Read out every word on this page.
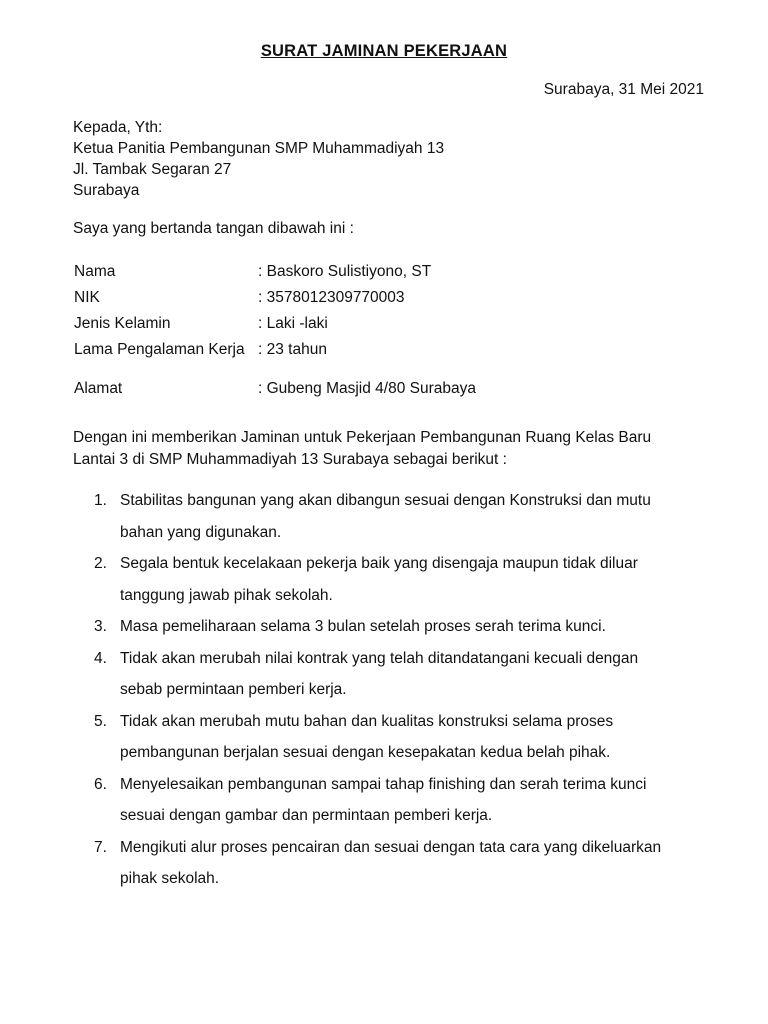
SURAT JAMINAN PEKERJAAN
Surabaya, 31 Mei 2021
Kepada, Yth:
Ketua Panitia Pembangunan SMP Muhammadiyah 13
Jl. Tambak Segaran 27
Surabaya
Saya yang bertanda tangan dibawah ini :
Nama	: Baskoro Sulistiyono, ST
NIK	: 3578012309770003
Jenis Kelamin	: Laki -laki
Lama Pengalaman Kerja : 23 tahun
Alamat	: Gubeng Masjid 4/80 Surabaya
Dengan ini memberikan Jaminan untuk Pekerjaan Pembangunan Ruang Kelas Baru
Lantai 3 di SMP Muhammadiyah 13 Surabaya sebagai berikut :
1. Stabilitas bangunan yang akan dibangun sesuai dengan Konstruksi dan mutu
bahan yang digunakan.
2. Segala bentuk kecelakaan pekerja baik yang disengaja maupun tidak diluar
tanggung jawab pihak sekolah.
3. Masa pemeliharaan selama 3 bulan setelah proses serah terima kunci.
4. Tidak akan merubah nilai kontrak yang telah ditandatangani kecuali dengan
sebab permintaan pemberi kerja.
5. Tidak akan merubah mutu bahan dan kualitas konstruksi selama proses
pembangunan berjalan sesuai dengan kesepakatan kedua belah pihak.
6. Menyelesaikan pembangunan sampai tahap finishing dan serah terima kunci
sesuai dengan gambar dan permintaan pemberi kerja.
7. Mengikuti alur proses pencairan dan sesuai dengan tata cara yang dikeluarkan
pihak sekolah.
